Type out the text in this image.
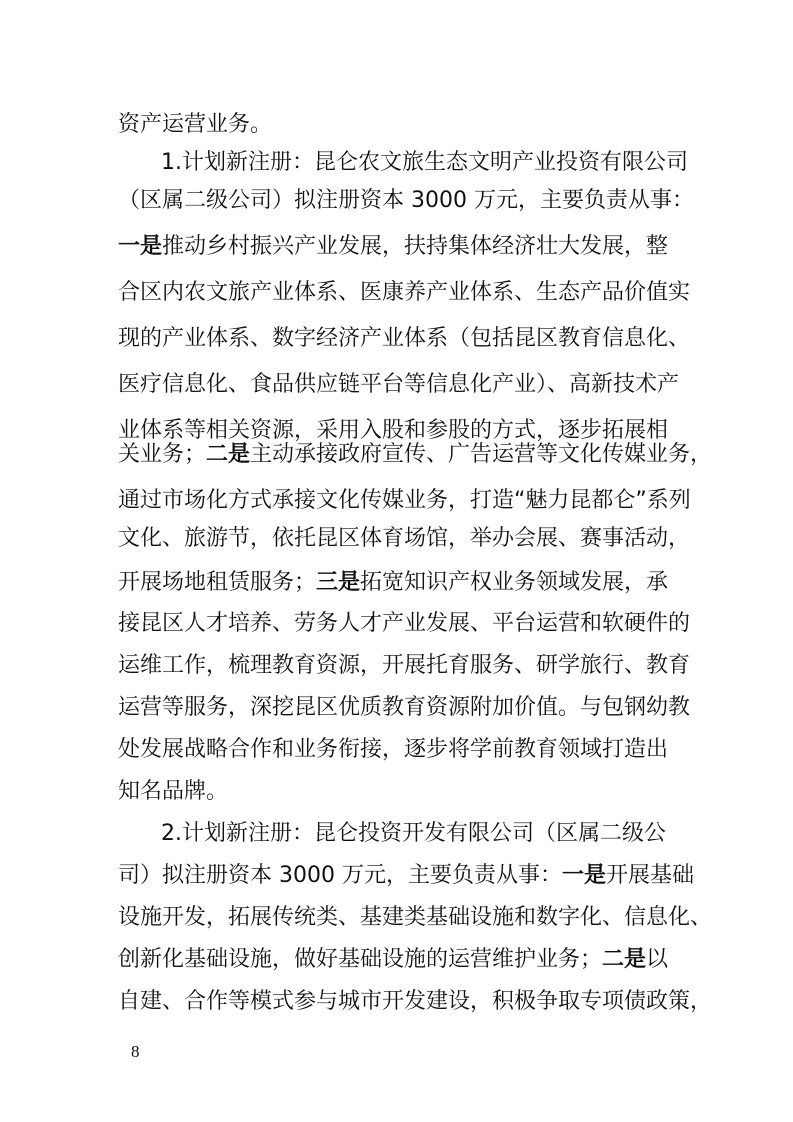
资产运营业务。
1.计划新注册：昆仑农文旅生态文明产业投资有限公司
（区属二级公司）拟注册资本 3000 万元，主要负责从事：
一是推动乡村振兴产业发展，扶持集体经济壮大发展，整
合区内农文旅产业体系、医康养产业体系、生态产品价值实
现的产业体系、数字经济产业体系（包括昆区教育信息化、
医疗信息化、食品供应链平台等信息化产业）、高新技术产
业体系等相关资源，采用入股和参股的方式，逐步拓展相
关业务；二是主动承接政府宣传、广告运营等文化传媒业务，
通过市场化方式承接文化传媒业务，打造“魅力昆都仑”系列
文化、旅游节，依托昆区体育场馆，举办会展、赛事活动，
开展场地租赁服务；三是拓宽知识产权业务领域发展，承
接昆区人才培养、劳务人才产业发展、平台运营和软硬件的
运维工作，梳理教育资源，开展托育服务、研学旅行、教育
运营等服务，深挖昆区优质教育资源附加价值。与包钢幼教
处发展战略合作和业务衔接，逐步将学前教育领域打造出
知名品牌。
2.计划新注册：昆仑投资开发有限公司（区属二级公
司）拟注册资本 3000 万元，主要负责从事：一是开展基础
设施开发，拓展传统类、基建类基础设施和数字化、信息化、
创新化基础设施，做好基础设施的运营维护业务；二是以
自建、合作等模式参与城市开发建设，积极争取专项债政策，
8
